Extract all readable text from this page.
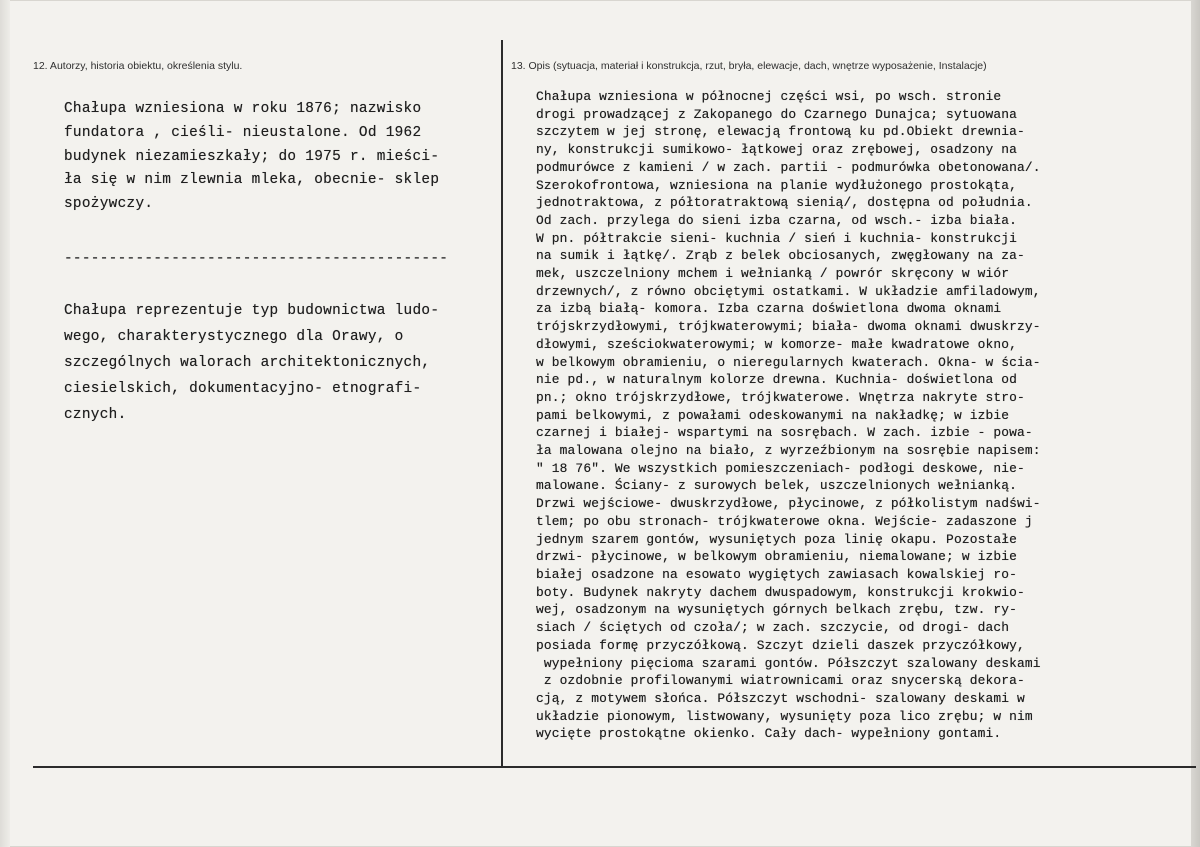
12. Autorzy, historia obiektu, określenia stylu.	13. Opis (sytuacja, materiał i konstrukcja, rzut, bryła, elewacje, dach, wnętrze wyposażenie, Instalacje)
Chałupa wzniesiona w roku 1876; nazwisko
fundatora , cieśli- nieustalone. Od 1962
budynek niezamieszkały; do 1975 r. mieści-
ła się w nim zlewnia mleka, obecnie- sklep
spożywczy.
-------------------------------------------
Chałupa reprezentuje typ budownictwa ludo-
wego, charakterystycznego dla Orawy, o
szczególnych walorach architektonicznych,
ciesielskich, dokumentacyjno- etnografi-
cznych.
Chałupa wzniesiona w północnej części wsi, po wsch. stronie
drogi prowadzącej z Zakopanego do Czarnego Dunajca; sytuowana
szczytem w jej stronę, elewacją frontową ku pd.Obiekt drewnia-
ny, konstrukcji sumikowo- łątkowej oraz zrębowej, osadzony na
podmurówce z kamieni / w zach. partii - podmurówka obetonowana/.
Szerokofrontowa, wzniesiona na planie wydłużonego prostokąta,
jednotraktowa, z półtoratraktową sienią/, dostępna od południa.
Od zach. przylega do sieni izba czarna, od wsch.- izba biała.
W pn. półtrakcie sieni- kuchnia / sień i kuchnia- konstrukcji
na sumik i łątkę/. Zrąb z belek obciosanych, zwęgłowany na za-
mek, uszczelniony mchem i wełnianką / powrór skręcony w wiór
drzewnych/, z równo obciętymi ostatkami. W układzie amfiladowym,
za izbą białą- komora. Izba czarna doświetlona dwoma oknami
trójskrzydłowymi, trójkwaterowymi; biała- dwoma oknami dwuskrzy-
dłowymi, sześciokwaterowymi; w komorze- małe kwadratowe okno,
w belkowym obramieniu, o nieregularnych kwaterach. Okna- w ścia-
nie pd., w naturalnym kolorze drewna. Kuchnia- doświetlona od
pn.; okno trójskrzydłowe, trójkwaterowe. Wnętrza nakryte stro-
pami belkowymi, z powałami odeskowanymi na nakładkę; w izbie
czarnej i białej- wspartymi na sosrębach. W zach. izbie - powa-
ła malowana olejno na biało, z wyrzeźbionym na sosrębie napisem:
" 18 76". We wszystkich pomieszczeniach- podłogi deskowe, nie-
malowane. Ściany- z surowych belek, uszczelnionych wełnianką.
Drzwi wejściowe- dwuskrzydłowe, płycinowe, z półkolistym nadświ-
tlem; po obu stronach- trójkwaterowe okna. Wejście- zadaszone j
jednym szarem gontów, wysuniętych poza linię okapu. Pozostałe
drzwi- płycinowe, w belkowym obramieniu, niemalowane; w izbie
białej osadzone na esowato wygiętych zawiasach kowalskiej ro-
boty. Budynek nakryty dachem dwuspadowym, konstrukcji krokwio-
wej, osadzonym na wysuniętych górnych belkach zrębu, tzw. ry-
siach / ściętych od czoła/; w zach. szczycie, od drogi- dach
posiada formę przyczółkową. Szczyt dzieli daszek przyczółkowy,
wypełniony pięcioma szarami gontów. Półszczyt szalowany deskami
z ozdobnie profilowanymi wiatrownicami oraz snycerską dekora-
cją, z motywem słońca. Półszczyt wschodni- szalowany deskami w
układzie pionowym, listwowany, wysunięty poza lico zrębu; w nim
wycięte prostokątne okienko. Cały dach- wypełniony gontami.
